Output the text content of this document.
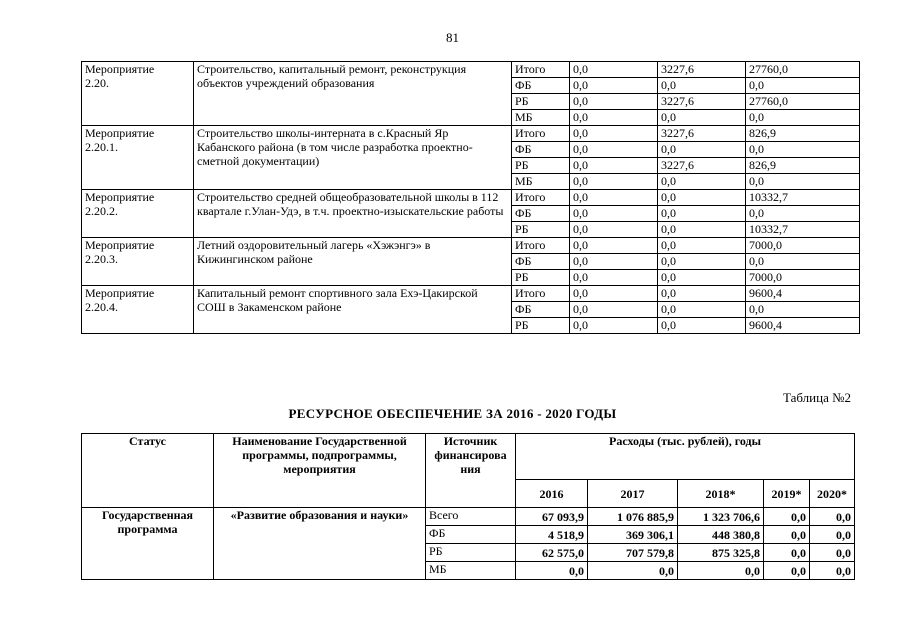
81
Мероприятие
2.20.	Строительство, капитальный ремонт, реконструкция объектов учреждений образования	Итого	0,0	3227,6	27760,0
		ФБ	0,0	0,0	0,0
		РБ	0,0	3227,6	27760,0
		МБ	0,0	0,0	0,0
Мероприятие
2.20.1.	Строительство школы-интерната в с.Красный Яр Кабанского района (в том числе разработка проектно-сметной документации)	Итого	0,0	3227,6	826,9
		ФБ	0,0	0,0	0,0
		РБ	0,0	3227,6	826,9
		МБ	0,0	0,0	0,0
Мероприятие
2.20.2.	Строительство средней общеобразовательной школы в 112 квартале г.Улан-Удэ, в т.ч. проектно-изыскательские работы	Итого	0,0	0,0	10332,7
		ФБ	0,0	0,0	0,0
		РБ	0,0	0,0	10332,7
Мероприятие
2.20.3.	Летний оздоровительный лагерь «Хэжэнгэ» в Кижингинском районе	Итого	0,0	0,0	7000,0
		ФБ	0,0	0,0	0,0
		РБ	0,0	0,0	7000,0
Мероприятие
2.20.4.	Капитальный ремонт спортивного зала Ехэ-Цакирской СОШ в Закаменском районе	Итого	0,0	0,0	9600,4
		ФБ	0,0	0,0	0,0
		РБ	0,0	0,0	9600,4
Таблица №2
РЕСУРСНОЕ ОБЕСПЕЧЕНИЕ ЗА 2016 - 2020 ГОДЫ
Статус	Наименование Государственной программы, подпрограммы, мероприятия	Источник финансирова ния	Расходы (тыс. рублей), годы				
			2016	2017	2018*	2019*	2020*
Государственная программа	«Развитие образования и науки»	Всего	67 093,9	1 076 885,9	1 323 706,6	0,0	0,0
		ФБ	4 518,9	369 306,1	448 380,8	0,0	0,0
		РБ	62 575,0	707 579,8	875 325,8	0,0	0,0
		МБ	0,0	0,0	0,0	0,0	0,0
